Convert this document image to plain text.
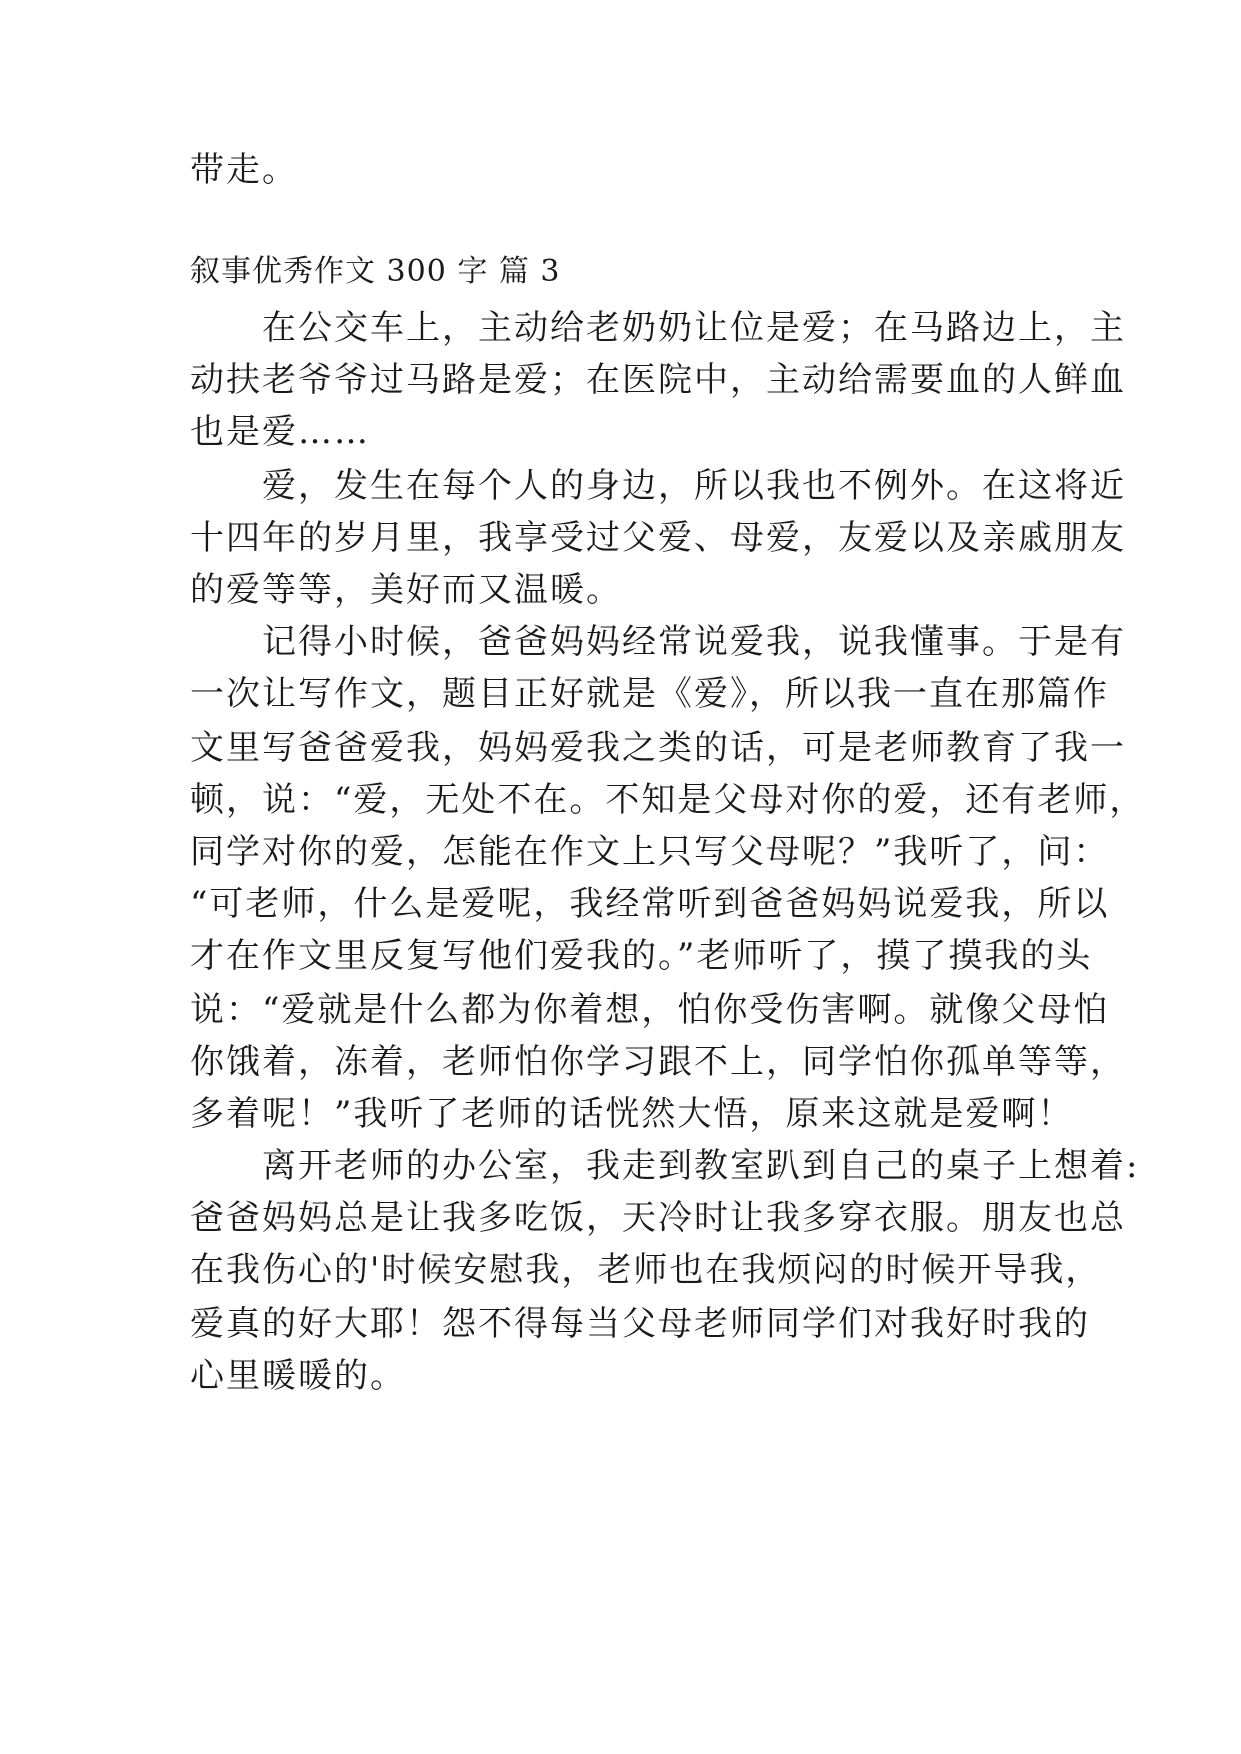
带走。
叙事优秀作文 300 字 篇 3
　　在公交车上，主动给老奶奶让位是爱；在马路边上，主
动扶老爷爷过马路是爱；在医院中，主动给需要血的人鲜血
也是爱……
　　爱，发生在每个人的身边，所以我也不例外。在这将近
十四年的岁月里，我享受过父爱、母爱，友爱以及亲戚朋友
的爱等等，美好而又温暖。
　　记得小时候，爸爸妈妈经常说爱我，说我懂事。于是有
一次让写作文，题目正好就是《爱》，所以我一直在那篇作
文里写爸爸爱我，妈妈爱我之类的话，可是老师教育了我一
顿，说：“爱，无处不在。不知是父母对你的爱，还有老师，
同学对你的爱，怎能在作文上只写父母呢？”我听了，问：
“可老师，什么是爱呢，我经常听到爸爸妈妈说爱我，所以
才在作文里反复写他们爱我的。”老师听了，摸了摸我的头
说：“爱就是什么都为你着想，怕你受伤害啊。就像父母怕
你饿着，冻着，老师怕你学习跟不上，同学怕你孤单等等，
多着呢！”我听了老师的话恍然大悟，原来这就是爱啊！
　　离开老师的办公室，我走到教室趴到自己的桌子上想着:
爸爸妈妈总是让我多吃饭，天冷时让我多穿衣服。朋友也总
在我伤心的'时候安慰我，老师也在我烦闷的时候开导我，
爱真的好大耶！怨不得每当父母老师同学们对我好时我的
心里暖暖的。
